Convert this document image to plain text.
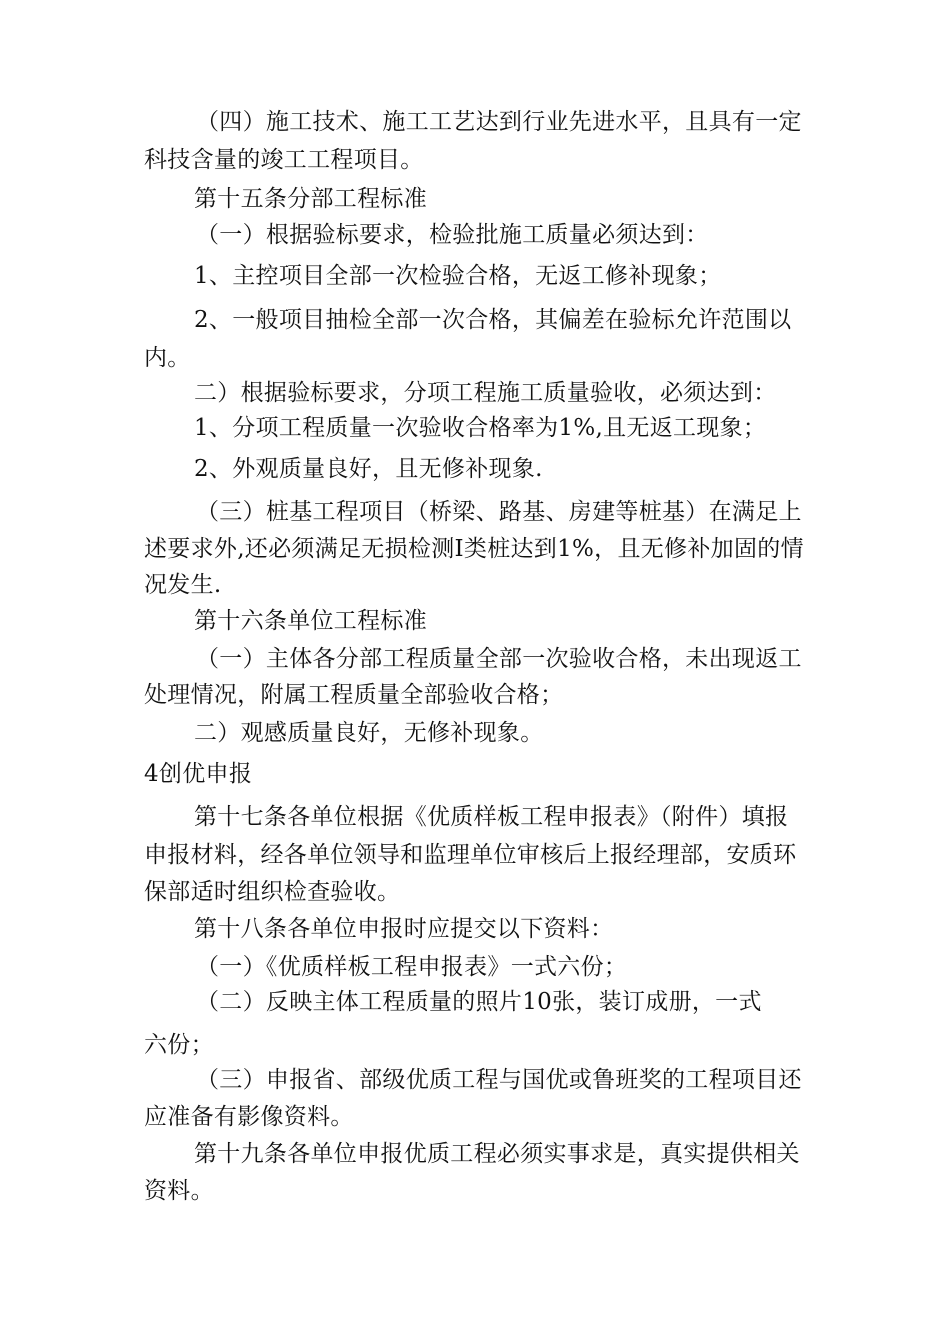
（四）施工技术、施工工艺达到行业先进水平，且具有一定
科技含量的竣工工程项目。
第十五条分部工程标准
（一）根据验标要求，检验批施工质量必须达到：
1、主控项目全部一次检验合格，无返工修补现象；
2、一般项目抽检全部一次合格，其偏差在验标允许范围以
内。
二）根据验标要求，分项工程施工质量验收，必须达到：
1、分项工程质量一次验收合格率为1%,且无返工现象；
2、外观质量良好，且无修补现象.
（三）桩基工程项目（桥梁、路基、房建等桩基）在满足上
述要求外,还必须满足无损检测I类桩达到1%，且无修补加固的情
况发生.
第十六条单位工程标准
（一）主体各分部工程质量全部一次验收合格，未出现返工
处理情况，附属工程质量全部验收合格；
二）观感质量良好，无修补现象。
4创优申报
第十七条各单位根据《优质样板工程申报表》（附件）填报
申报材料，经各单位领导和监理单位审核后上报经理部，安质环
保部适时组织检查验收。
第十八条各单位申报时应提交以下资料：
（一）《优质样板工程申报表》一式六份；
（二）反映主体工程质量的照片10张，装订成册，一式
六份；
（三）申报省、部级优质工程与国优或鲁班奖的工程项目还
应准备有影像资料。
第十九条各单位申报优质工程必须实事求是，真实提供相关
资料。
